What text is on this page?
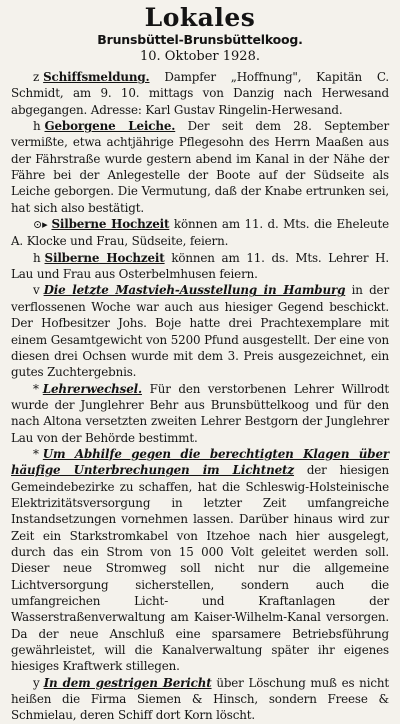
Lokales
Brunsbüttel-Brunsbüttelkoog.
10. Oktober 1928.

z Schiffsmeldung. Dampfer „Hoffnung", Kapitän C. Schmidt, am 9. 10. mittags von Danzig nach Herwesand abgegangen. Adresse: Karl Gustav Ringelin-Herwesand.

h Geborgene Leiche. Der seit dem 28. September vermißte, etwa achtjährige Pflegesohn des Herrn Maaßen aus der Fährstraße wurde gestern abend im Kanal in der Nähe der Fähre bei der Anlegestelle der Boote auf der Südseite als Leiche geborgen. Die Vermutung, daß der Knabe ertrunken sei, hat sich also bestätigt.

⊙▸ Silberne Hochzeit können am 11. d. Mts. die Eheleute A. Klocke und Frau, Südseite, feiern.

h Silberne Hochzeit können am 11. ds. Mts. Lehrer H. Lau und Frau aus Osterbelmhusen feiern.

v Die letzte Mastvieh-Ausstellung in Hamburg in der verflossenen Woche war auch aus hiesiger Gegend beschickt. Der Hofbesitzer Johs. Boje hatte drei Prachtexemplare mit einem Gesamtgewicht von 5200 Pfund ausgestellt. Der eine von diesen drei Ochsen wurde mit dem 3. Preis ausgezeichnet, ein gutes Zuchtergebnis.

* Lehrerwechsel. Für den verstorbenen Lehrer Willrodt wurde der Junglehrer Behr aus Brunsbüttelkoog und für den nach Altona versetzten zweiten Lehrer Bestgorn der Junglehrer Lau von der Behörde bestimmt.

* Um Abhilfe gegen die berechtigten Klagen über häufige Unterbrechungen im Lichtnetz der hiesigen Gemeindebezirke zu schaffen, hat die Schleswig-Holsteinische Elektrizitätsversorgung in letzter Zeit umfangreiche Instandsetzungen vornehmen lassen. Darüber hinaus wird zur Zeit ein Starkstromkabel von Itzehoe nach hier ausgelegt, durch das ein Strom von 15 000 Volt geleitet werden soll. Dieser neue Stromweg soll nicht nur die allgemeine Lichtversorgung sicherstellen, sondern auch die umfangreichen Licht- und Kraftanlagen der Wasserstraßenverwaltung am Kaiser-Wilhelm-Kanal versorgen. Da der neue Anschluß eine sparsamere Betriebsführung gewährleistet, will die Kanalverwaltung später ihr eigenes hiesiges Kraftwerk stillegen.

y In dem gestrigen Bericht über Löschung muß es nicht heißen die Firma Siemen & Hinsch, sondern Freese & Schmielau, deren Schiff dort Korn löscht.
